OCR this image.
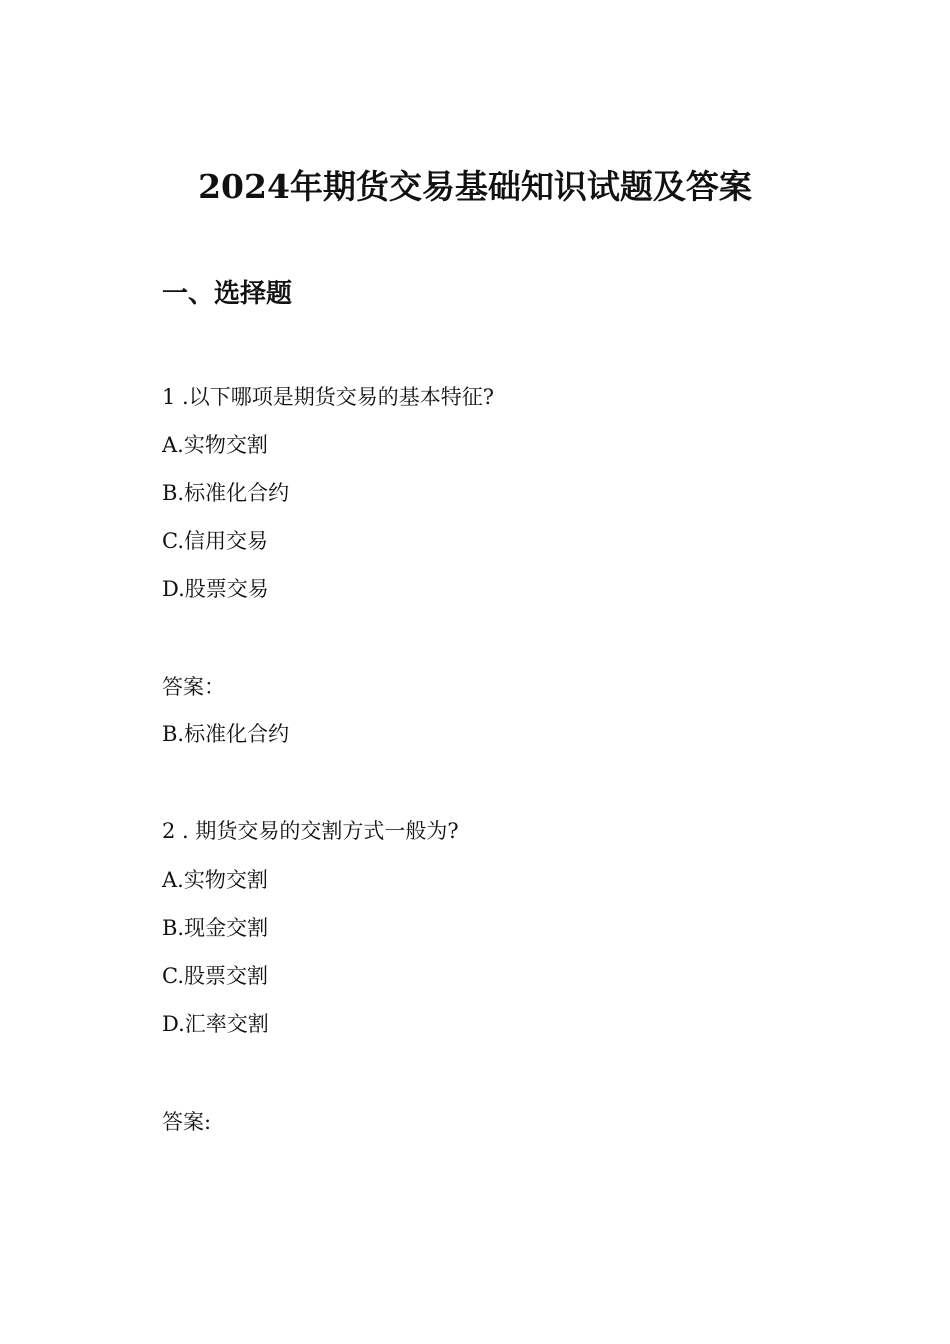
2024年期货交易基础知识试题及答案
一、选择题

1 .以下哪项是期货交易的基本特征?

A.实物交割

B.标准化合约

C.信用交易

D.股票交易

答案：

B.标准化合约

2 . 期货交易的交割方式一般为?

A.实物交割

B.现金交割

C.股票交割

D.汇率交割

答案:
